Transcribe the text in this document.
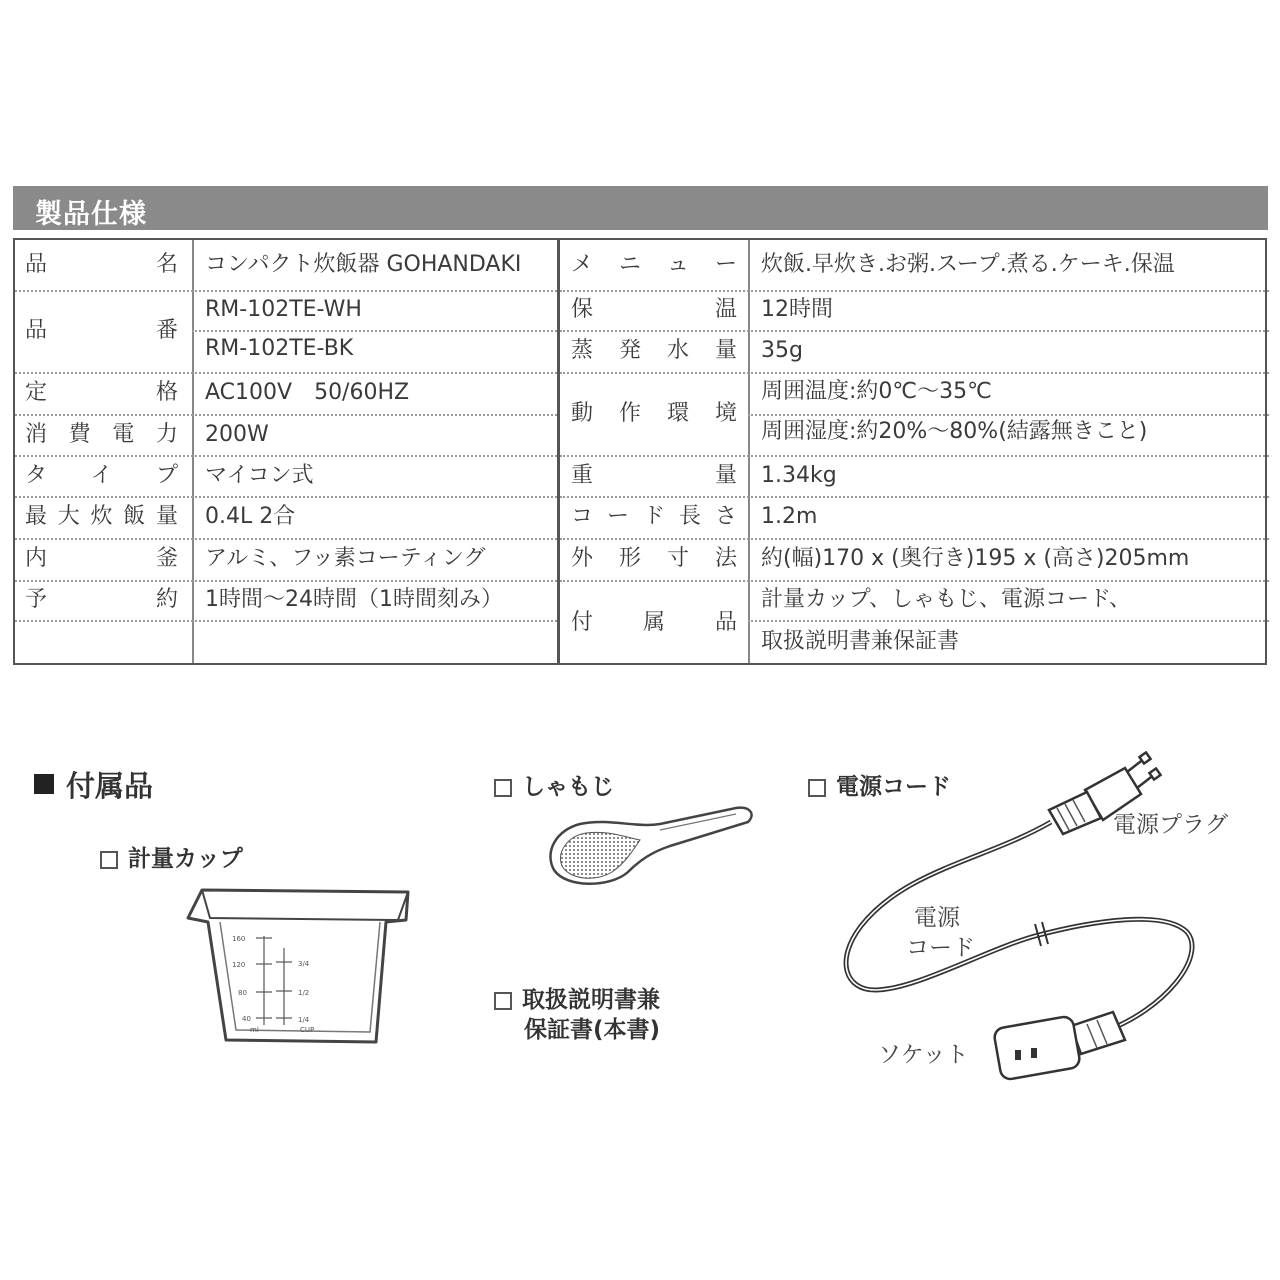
製品仕様
品	名 コンパクト炊飯器 GOHANDAKI
品	番
RM-102TE-WH
RM-102TE-BK
定	格 AC100V　50/60HZ
消 費 電 力 200W
タ イ プ マイコン式
最 大 炊 飯 量 0.4L 2合
内	釜 アルミ、フッ素コーティング
予	約 1時間〜24時間（1時間刻み）
メ ニ ュ ー 炊飯.早炊き.お粥.スープ.煮る.ケーキ.保温
保	温 12時間
蒸 発 水 量 35g
動 作 環 境
周囲温度:約0℃〜35℃
周囲湿度:約20%〜80%(結露無きこと)
重	量 1.34kg
コ ー ド 長 さ 1.2m
外 形 寸 法 約(幅)170 x (奥行き)195 x (高さ)205mm
付 属 品
計量カップ、しゃもじ、電源コード、
取扱説明書兼保証書
付属品
計量カップ
しゃもじ	電源コード
取扱説明書兼
保証書(本書)
160
120
80
40
ml
3/4
1/2
1/4
CUP
電源プラグ
電源
コード
ソケット
